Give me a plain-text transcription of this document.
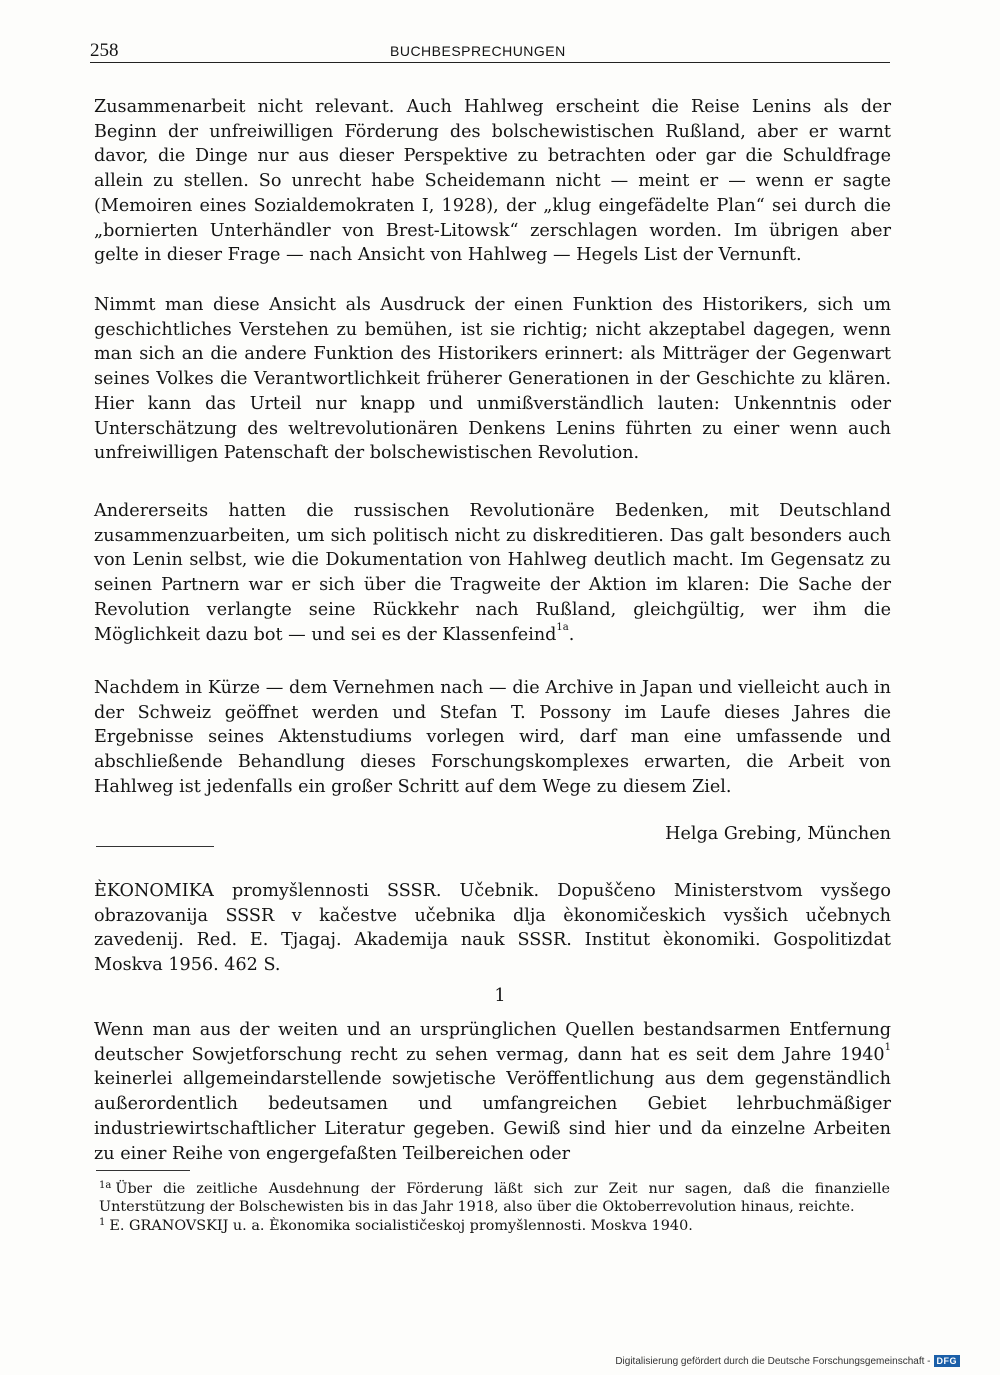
258	BUCHBESPRECHUNGEN

Zusammenarbeit nicht relevant. Auch Hahlweg erscheint die Reise Lenins als der Beginn der unfreiwilligen Förderung des bolschewistischen Rußland, aber er warnt davor, die Dinge nur aus dieser Perspektive zu betrachten oder gar die Schuldfrage allein zu stellen. So unrecht habe Scheidemann nicht — meint er — wenn er sagte (Memoiren eines Sozialdemokraten I, 1928), der „klug eingefädelte Plan“ sei durch die „bornierten Unterhändler von Brest-Litowsk“ zerschlagen worden. Im übrigen aber gelte in dieser Frage — nach Ansicht von Hahlweg — Hegels List der Vernunft.

Nimmt man diese Ansicht als Ausdruck der einen Funktion des Historikers, sich um geschichtliches Verstehen zu bemühen, ist sie richtig; nicht akzeptabel dagegen, wenn man sich an die andere Funktion des Historikers erinnert: als Mitträger der Gegenwart seines Volkes die Verantwortlichkeit früherer Generationen in der Geschichte zu klären. Hier kann das Urteil nur knapp und unmißverständlich lauten: Unkenntnis oder Unterschätzung des weltrevolutionären Denkens Lenins führten zu einer wenn auch unfreiwilligen Patenschaft der bolschewistischen Revolution.

Andererseits hatten die russischen Revolutionäre Bedenken, mit Deutschland zusammenzuarbeiten, um sich politisch nicht zu diskreditieren. Das galt besonders auch von Lenin selbst, wie die Dokumentation von Hahlweg deutlich macht. Im Gegensatz zu seinen Partnern war er sich über die Tragweite der Aktion im klaren: Die Sache der Revolution verlangte seine Rückkehr nach Rußland, gleichgültig, wer ihm die Möglichkeit dazu bot — und sei es der Klassenfeind$^{1a}$.

Nachdem in Kürze — dem Vernehmen nach — die Archive in Japan und vielleicht auch in der Schweiz geöffnet werden und Stefan T. Possony im Laufe dieses Jahres die Ergebnisse seines Aktenstudiums vorlegen wird, darf man eine umfassende und abschließende Behandlung dieses Forschungskomplexes erwarten, die Arbeit von Hahlweg ist jedenfalls ein großer Schritt auf dem Wege zu diesem Ziel.

Helga Grebing, München

ÈKONOMIKA promyšlennosti SSSR. Učebnik. Dopuščeno Ministerstvom vysšego obrazovanija SSSR v kačestve učebnika dlja èkonomičeskich vysšich učebnych zavedenij. Red. E. Tjagaj. Akademija nauk SSSR. Institut èkonomiki. Gospolitizdat Moskva 1956. 462 S.

1

Wenn man aus der weiten und an ursprünglichen Quellen bestandsarmen Entfernung deutscher Sowjetforschung recht zu sehen vermag, dann hat es seit dem Jahre 1940$^1$ keinerlei allgemeindarstellende sowjetische Veröffentlichung aus dem gegenständlich außerordentlich bedeutsamen und umfangreichen Gebiet lehrbuchmäßiger industriewirtschaftlicher Literatur gegeben. Gewiß sind hier und da einzelne Arbeiten zu einer Reihe von engergefaßten Teilbereichen oder

$^{1a}$ Über die zeitliche Ausdehnung der Förderung läßt sich zur Zeit nur sagen, daß die finanzielle Unterstützung der Bolschewisten bis in das Jahr 1918, also über die Oktoberrevolution hinaus, reichte.

$^1$ E. GRANOVSKIJ u. a. Èkonomika socialističeskoj promyšlennosti. Moskva 1940.

Digitalisierung gefördert durch die Deutsche Forschungsgemeinschaft - DFG
